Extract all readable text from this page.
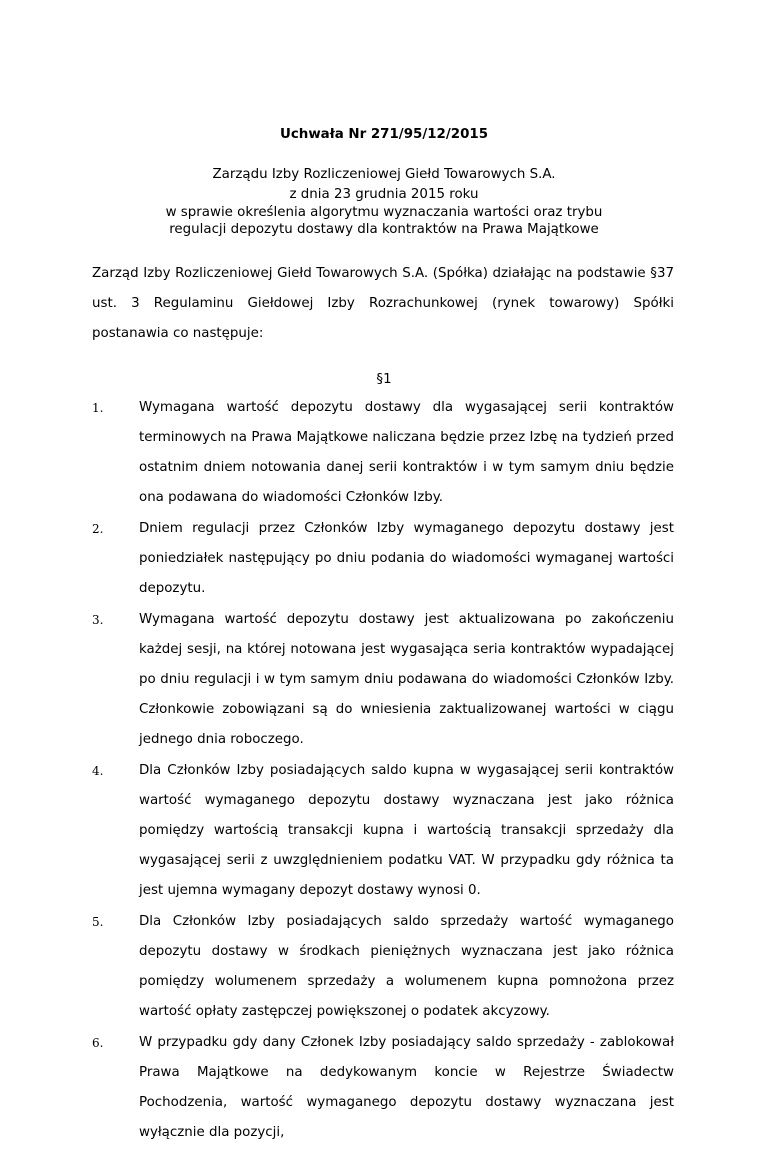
Uchwała Nr 271/95/12/2015
Zarządu Izby Rozliczeniowej Giełd Towarowych S.A.
z dnia 23 grudnia 2015 roku
w sprawie określenia algorytmu wyznaczania wartości oraz trybu regulacji depozytu dostawy dla kontraktów na Prawa Majątkowe
Zarząd Izby Rozliczeniowej Giełd Towarowych S.A. (Spółka) działając na podstawie §37 ust. 3 Regulaminu Giełdowej Izby Rozrachunkowej (rynek towarowy) Spółki postanawia co następuje:
§1
1.	Wymagana wartość depozytu dostawy dla wygasającej serii kontraktów terminowych na Prawa Majątkowe naliczana będzie przez Izbę na tydzień przed ostatnim dniem notowania danej serii kontraktów i w tym samym dniu będzie ona podawana do wiadomości Członków Izby.
2.	Dniem regulacji przez Członków Izby wymaganego depozytu dostawy jest poniedziałek następujący po dniu podania do wiadomości wymaganej wartości depozytu.
3.	Wymagana wartość depozytu dostawy jest aktualizowana po zakończeniu każdej sesji, na której notowana jest wygasająca seria kontraktów wypadającej po dniu regulacji i w tym samym dniu podawana do wiadomości Członków Izby. Członkowie zobowiązani są do wniesienia zaktualizowanej wartości w ciągu jednego dnia roboczego.
4.	Dla Członków Izby posiadających saldo kupna w wygasającej serii kontraktów wartość wymaganego depozytu dostawy wyznaczana jest jako różnica pomiędzy wartością transakcji kupna i wartością transakcji sprzedaży dla wygasającej serii z uwzględnieniem podatku VAT. W przypadku gdy różnica ta jest ujemna wymagany depozyt dostawy wynosi 0.
5.	Dla Członków Izby posiadających saldo sprzedaży wartość wymaganego depozytu dostawy w środkach pieniężnych wyznaczana jest jako różnica pomiędzy wolumenem sprzedaży a wolumenem kupna pomnożona przez wartość opłaty zastępczej powiększonej o podatek akcyzowy.
6.	W przypadku gdy dany Członek Izby posiadający saldo sprzedaży - zablokował Prawa Majątkowe na dedykowanym koncie w Rejestrze Świadectw Pochodzenia, wartość wymaganego depozytu dostawy wyznaczana jest wyłącznie dla pozycji,
